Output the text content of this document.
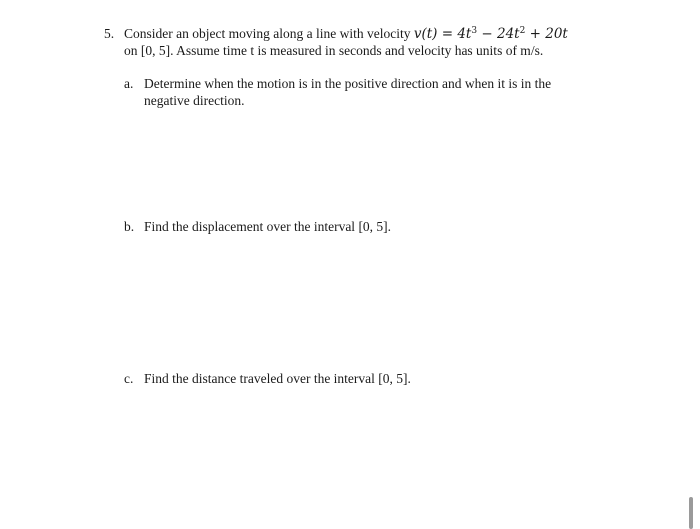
5. Consider an object moving along a line with velocity $v(t) = 4t^3 - 24t^2 + 20t$
on [0, 5]. Assume time t is measured in seconds and velocity has units of m/s.
a. Determine when the motion is in the positive direction and when it is in the
negative direction.
b. Find the displacement over the interval [0, 5].
c. Find the distance traveled over the interval [0, 5].
